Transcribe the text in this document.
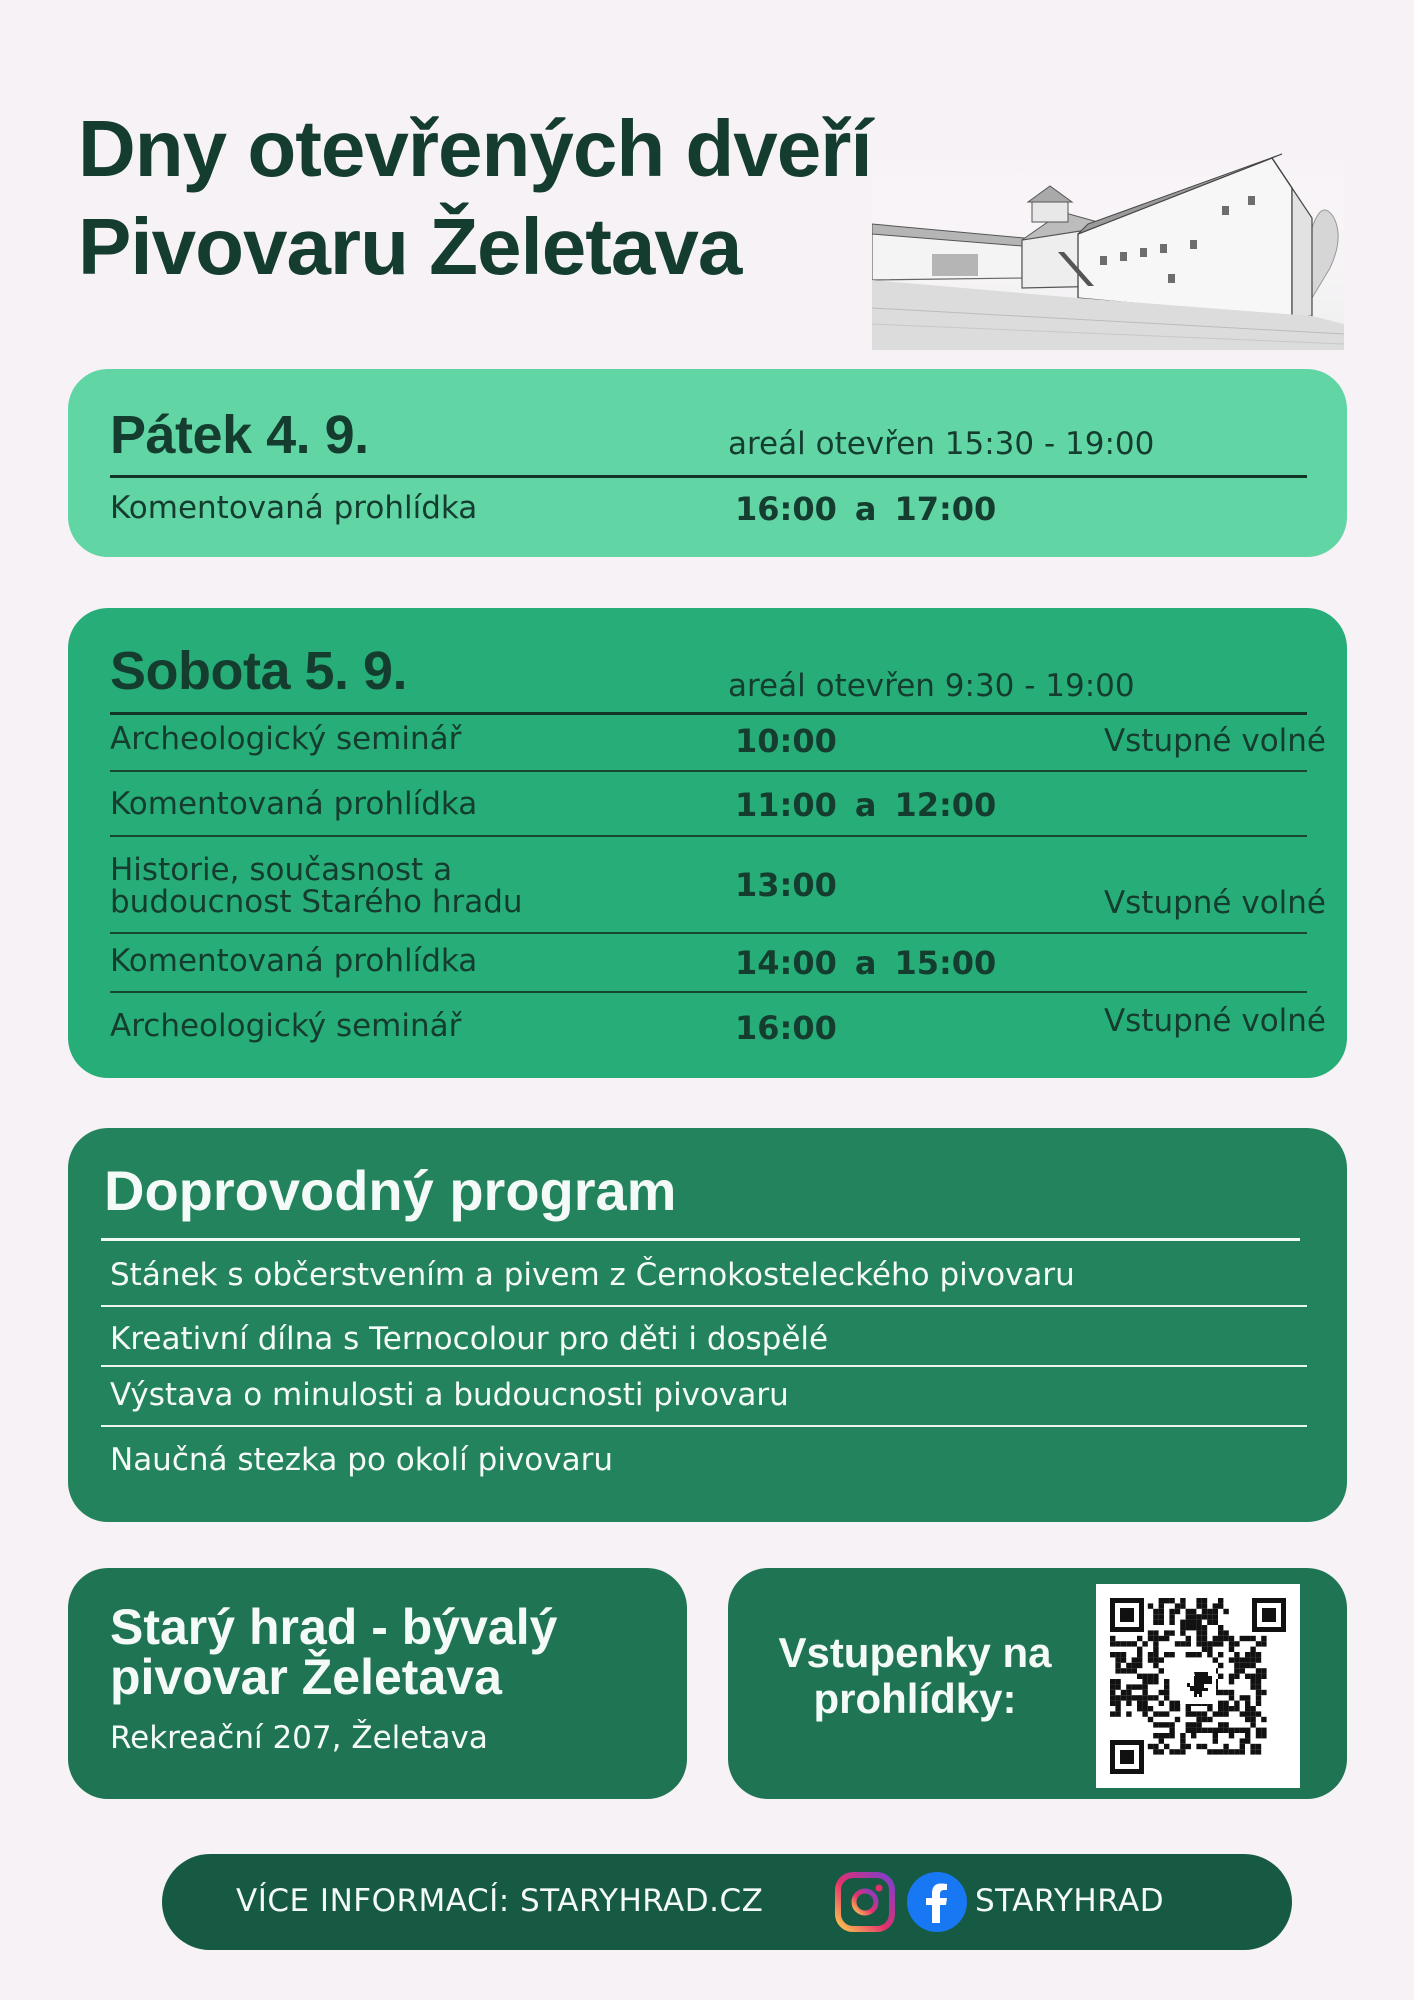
Dny otevřených dveří
Pivovaru Želetava
Pátek 4. 9.	areál otevřen 15:30 - 19:00
Komentovaná prohlídka	16:00 a 17:00
Sobota 5. 9.	areál otevřen 9:30 - 19:00
Archeologický seminář	10:00	Vstupné volné
Komentovaná prohlídka	11:00 a 12:00
Historie, současnost a
budoucnost Starého hradu	13:00	Vstupné volné
Komentovaná prohlídka	14:00 a 15:00
Archeologický seminář	16:00	Vstupné volné
Doprovodný program
Stánek s občerstvením a pivem z Černokosteleckého pivovaru
Kreativní dílna s Ternocolour pro děti i dospělé
Výstava o minulosti a budoucnosti pivovaru
Naučná stezka po okolí pivovaru
Starý hrad - bývalý pivovar Želetava
Rekreační 207, Želetava
Vstupenky na prohlídky:
VÍCE INFORMACÍ: STARYHRAD.CZ	STARYHRAD
